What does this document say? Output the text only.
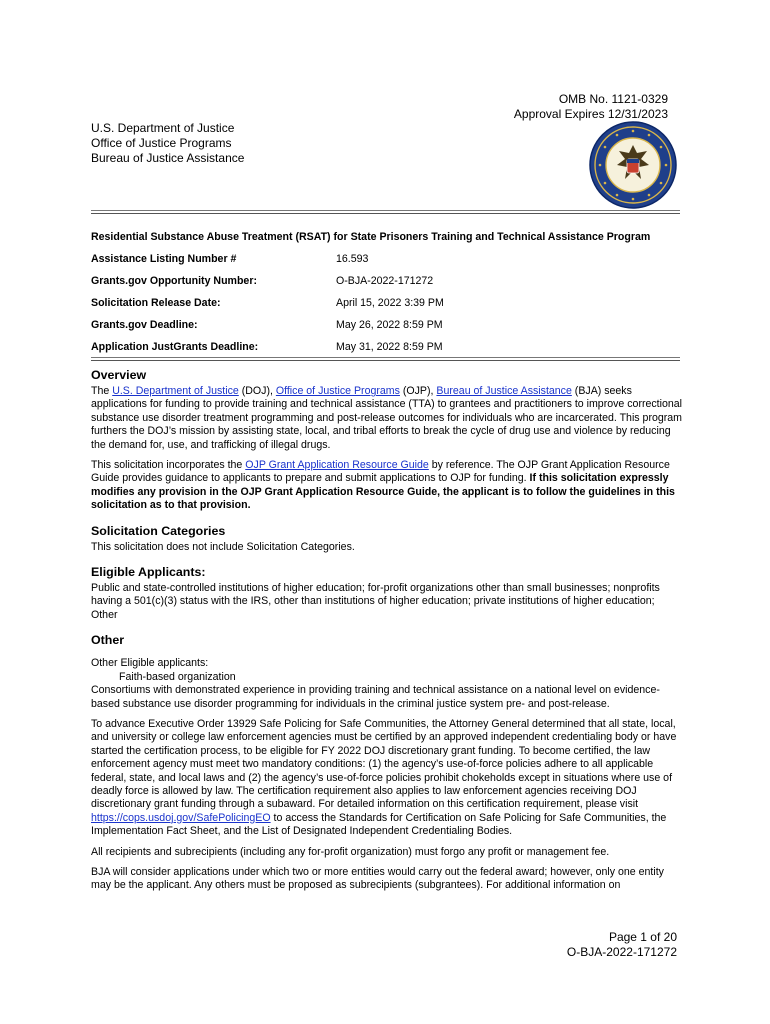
OMB No. 1121-0329
Approval Expires 12/31/2023
U.S. Department of Justice
Office of Justice Programs
Bureau of Justice Assistance
Residential Substance Abuse Treatment (RSAT) for State Prisoners Training and Technical Assistance Program
Assistance Listing Number #	16.593
Grants.gov Opportunity Number:	O-BJA-2022-171272
Solicitation Release Date:	April 15, 2022 3:39 PM
Grants.gov Deadline:	May 26, 2022 8:59 PM
Application JustGrants Deadline:	May 31, 2022 8:59 PM
Overview

The U.S. Department of Justice (DOJ), Office of Justice Programs (OJP), Bureau of Justice Assistance (BJA) seeks applications for funding to provide training and technical assistance (TTA) to grantees and practitioners to improve correctional substance use disorder treatment programming and post-release outcomes for individuals who are incarcerated. This program furthers the DOJ’s mission by assisting state, local, and tribal efforts to break the cycle of drug use and violence by reducing the demand for, use, and trafficking of illegal drugs.

This solicitation incorporates the OJP Grant Application Resource Guide by reference. The OJP Grant Application Resource Guide provides guidance to applicants to prepare and submit applications to OJP for funding. If this solicitation expressly modifies any provision in the OJP Grant Application Resource Guide, the applicant is to follow the guidelines in this solicitation as to that provision.

Solicitation Categories

This solicitation does not include Solicitation Categories.

Eligible Applicants:

Public and state-controlled institutions of higher education; for-profit organizations other than small businesses; nonprofits having a 501(c)(3) status with the IRS, other than institutions of higher education; private institutions of higher education; Other

Other

Other Eligible applicants:

Faith-based organization

Consortiums with demonstrated experience in providing training and technical assistance on a national level on evidence-based substance use disorder programming for individuals in the criminal justice system pre- and post-release.

To advance Executive Order 13929 Safe Policing for Safe Communities, the Attorney General determined that all state, local, and university or college law enforcement agencies must be certified by an approved independent credentialing body or have started the certification process, to be eligible for FY 2022 DOJ discretionary grant funding. To become certified, the law enforcement agency must meet two mandatory conditions: (1) the agency’s use-of-force policies adhere to all applicable federal, state, and local laws and (2) the agency’s use-of-force policies prohibit chokeholds except in situations where use of deadly force is allowed by law. The certification requirement also applies to law enforcement agencies receiving DOJ discretionary grant funding through a subaward. For detailed information on this certification requirement, please visit https://cops.usdoj.gov/SafePolicingEO to access the Standards for Certification on Safe Policing for Safe Communities, the Implementation Fact Sheet, and the List of Designated Independent Credentialing Bodies.

All recipients and subrecipients (including any for-profit organization) must forgo any profit or management fee.

BJA will consider applications under which two or more entities would carry out the federal award; however, only one entity may be the applicant. Any others must be proposed as subrecipients (subgrantees). For additional information on

Page 1 of 20
O-BJA-2022-171272
